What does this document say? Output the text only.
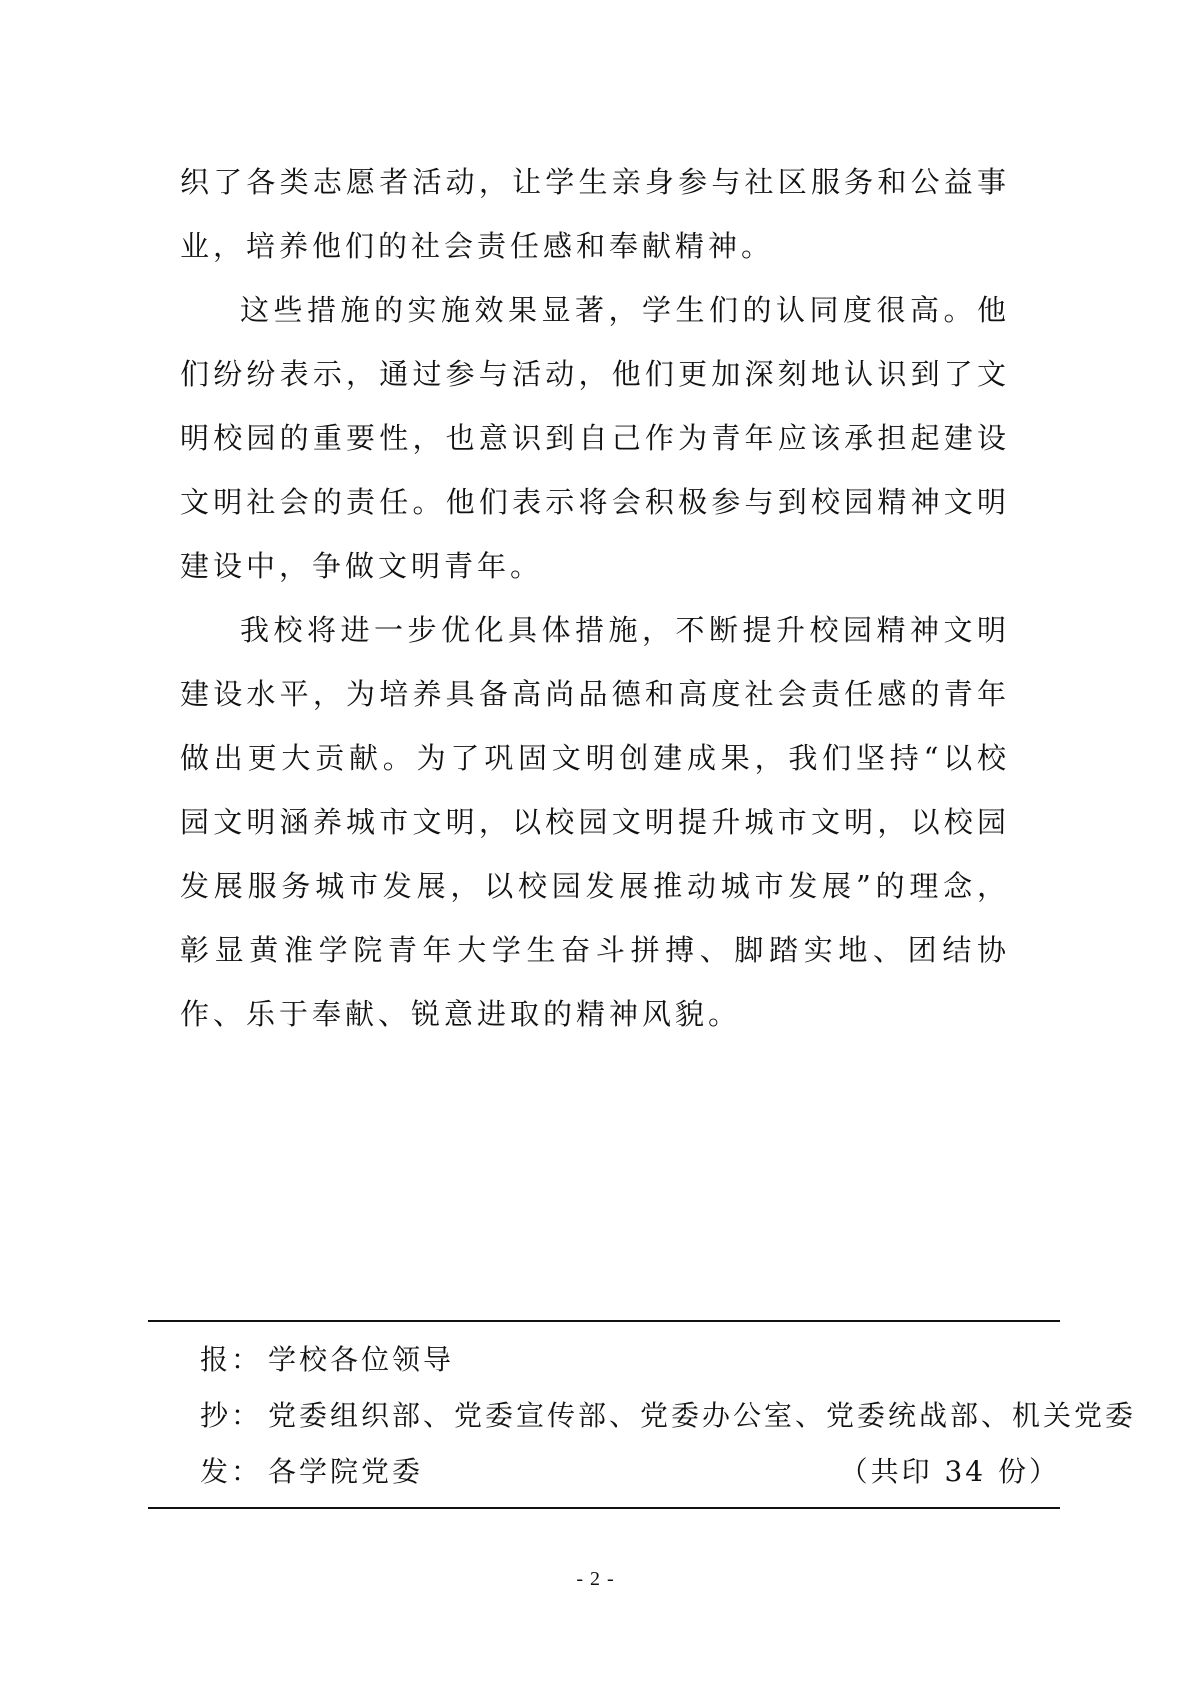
织了各类志愿者活动，让学生亲身参与社区服务和公益事业，培养他们的社会责任感和奉献精神。

这些措施的实施效果显著，学生们的认同度很高。他们纷纷表示，通过参与活动，他们更加深刻地认识到了文明校园的重要性，也意识到自己作为青年应该承担起建设文明社会的责任。他们表示将会积极参与到校园精神文明建设中，争做文明青年。

我校将进一步优化具体措施，不断提升校园精神文明建设水平，为培养具备高尚品德和高度社会责任感的青年做出更大贡献。为了巩固文明创建成果，我们坚持“以校园文明涵养城市文明，以校园文明提升城市文明，以校园发展服务城市发展，以校园发展推动城市发展”的理念，彰显黄淮学院青年大学生奋斗拼搏、脚踏实地、团结协作、乐于奉献、锐意进取的精神风貌。

报： 学校各位领导
抄： 党委组织部、党委宣传部、党委办公室、党委统战部、机关党委
发： 各学院党委	（共印 34 份）
- 2 -
